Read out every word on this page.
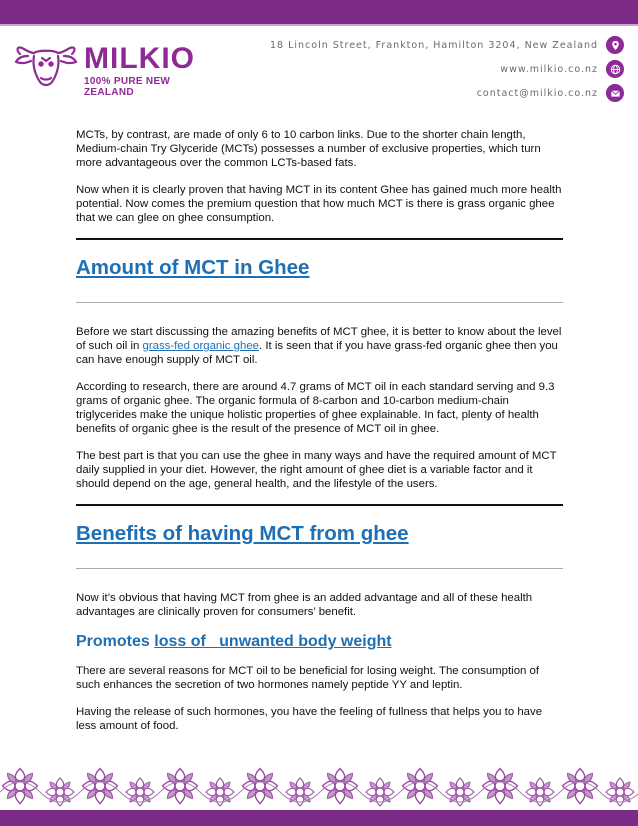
MILKIO
100% PURE NEW ZEALAND
18 Lincoln Street, Frankton, Hamilton 3204, New Zealand
www.milkio.co.nz
contact@milkio.co.nz

MCTs, by contrast, are made of only 6 to 10 carbon links. Due to the shorter chain length, Medium-chain Try Glyceride (MCTs) possesses a number of exclusive properties, which turn more advantageous over the common LCTs-based fats.

Now when it is clearly proven that having MCT in its content Ghee has gained much more health potential. Now comes the premium question that how much MCT is there is grass organic ghee that we can glee on ghee consumption.

Amount of MCT in Ghee

Before we start discussing the amazing benefits of MCT ghee, it is better to know about the level of such oil in grass-fed organic ghee. It is seen that if you have grass-fed organic ghee then you can have enough supply of MCT oil.

According to research, there are around 4.7 grams of MCT oil in each standard serving and 9.3 grams of organic ghee. The organic formula of 8-carbon and 10-carbon medium-chain triglycerides make the unique holistic properties of ghee explainable. In fact, plenty of health benefits of organic ghee is the result of the presence of MCT oil in ghee.

The best part is that you can use the ghee in many ways and have the required amount of MCT daily supplied in your diet. However, the right amount of ghee diet is a variable factor and it should depend on the age, general health, and the lifestyle of the users.

Benefits of having MCT from ghee

Now it’s obvious that having MCT from ghee is an added advantage and all of these health advantages are clinically proven for consumers’ benefit.

Promotes loss of   unwanted body weight

There are several reasons for MCT oil to be beneficial for losing weight. The consumption of such enhances the secretion of two hormones namely peptide YY and leptin.

Having the release of such hormones, you have the feeling of fullness that helps you to have less amount of food.
